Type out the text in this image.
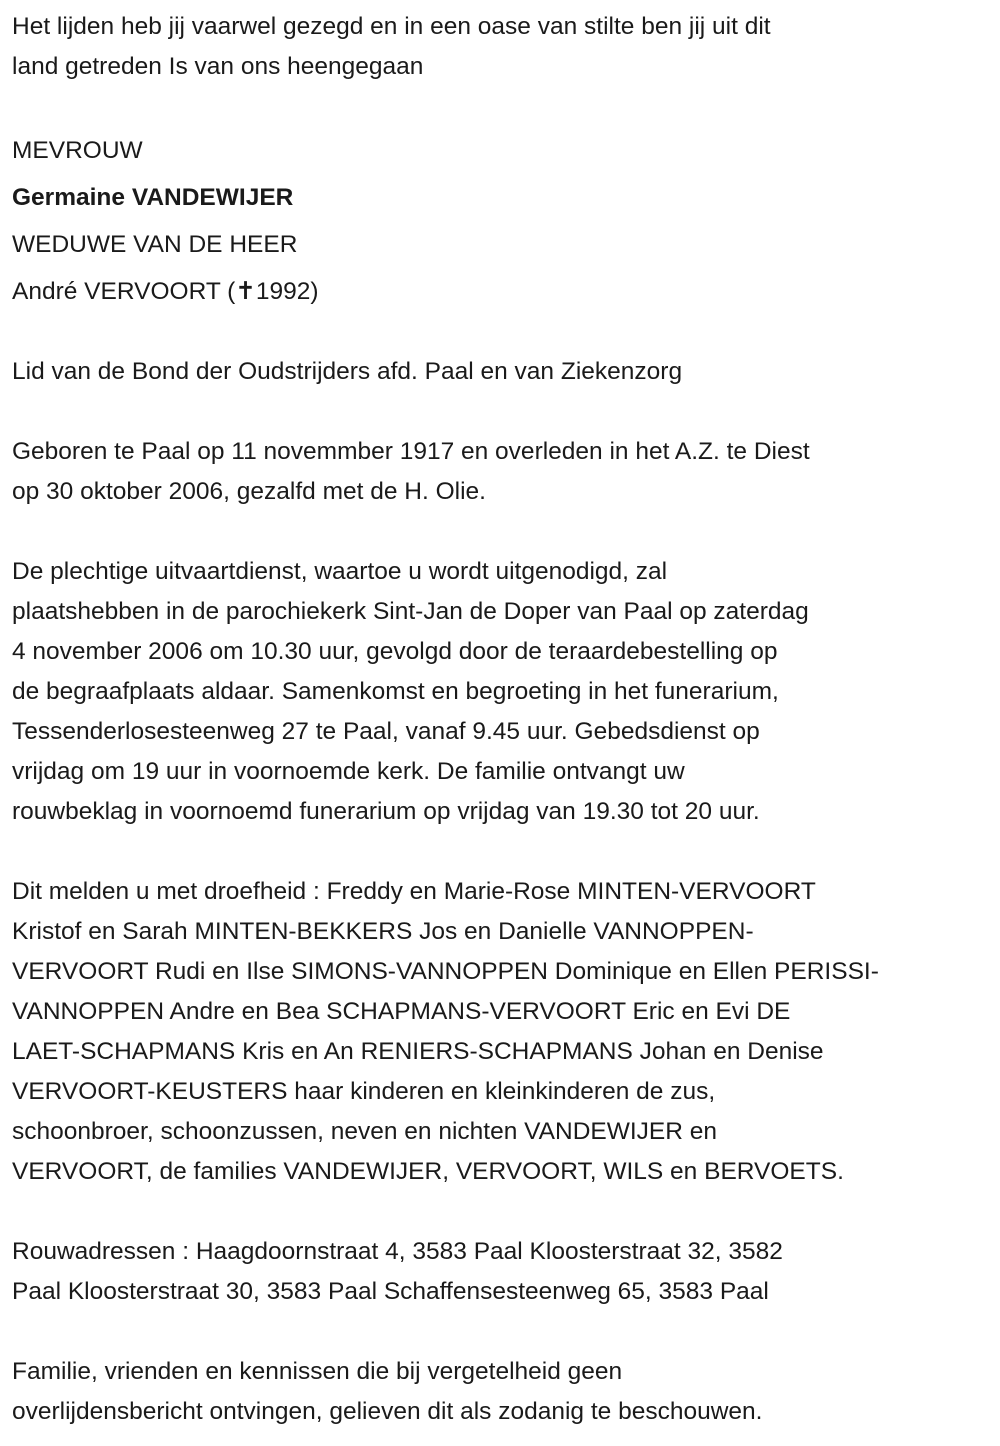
Het lijden heb jij vaarwel gezegd en in een oase van stilte ben jij uit dit
land getreden Is van ons heengegaan
MEVROUW
Germaine VANDEWIJER
WEDUWE VAN DE HEER
André VERVOORT (✝1992)
Lid van de Bond der Oudstrijders afd. Paal en van Ziekenzorg
Geboren te Paal op 11 novemmber 1917 en overleden in het A.Z. te Diest
op 30 oktober 2006, gezalfd met de H. Olie.
De plechtige uitvaartdienst, waartoe u wordt uitgenodigd, zal
plaatshebben in de parochiekerk Sint-Jan de Doper van Paal op zaterdag
4 november 2006 om 10.30 uur, gevolgd door de teraardebestelling op
de begraafplaats aldaar. Samenkomst en begroeting in het funerarium,
Tessenderlosesteenweg 27 te Paal, vanaf 9.45 uur. Gebedsdienst op
vrijdag om 19 uur in voornoemde kerk. De familie ontvangt uw
rouwbeklag in voornoemd funerarium op vrijdag van 19.30 tot 20 uur.
Dit melden u met droefheid : Freddy en Marie-Rose MINTEN-VERVOORT
Kristof en Sarah MINTEN-BEKKERS Jos en Danielle VANNOPPEN-
VERVOORT Rudi en Ilse SIMONS-VANNOPPEN Dominique en Ellen PERISSI-
VANNOPPEN Andre en Bea SCHAPMANS-VERVOORT Eric en Evi DE
LAET-SCHAPMANS Kris en An RENIERS-SCHAPMANS Johan en Denise
VERVOORT-KEUSTERS haar kinderen en kleinkinderen de zus,
schoonbroer, schoonzussen, neven en nichten VANDEWIJER en
VERVOORT, de families VANDEWIJER, VERVOORT, WILS en BERVOETS.
Rouwadressen : Haagdoornstraat 4, 3583 Paal Kloosterstraat 32, 3582
Paal Kloosterstraat 30, 3583 Paal Schaffensesteenweg 65, 3583 Paal
Familie, vrienden en kennissen die bij vergetelheid geen
overlijdensbericht ontvingen, gelieven dit als zodanig te beschouwen.
